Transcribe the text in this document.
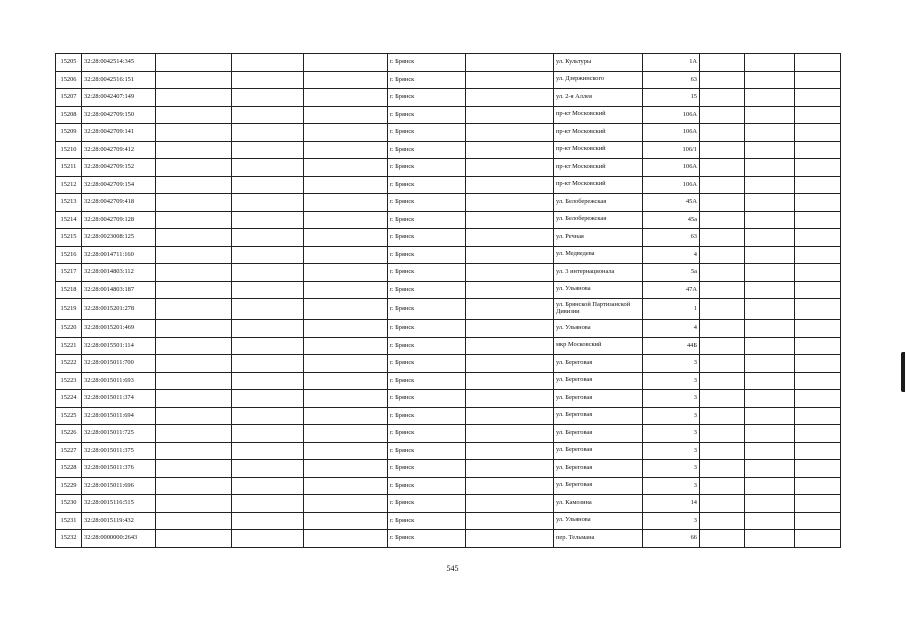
15205	32:28:0042514:345				г. Брянск		ул. Культуры	1А			
15206	32:28:0042516:151				г. Брянск		ул. Дзержинского	63			
15207	32:28:0042407:149				г. Брянск		ул. 2-я Аллея	15			
15208	32:28:0042709:150				г. Брянск		пр-кт Московский	106А			
15209	32:28:0042709:141				г. Брянск		пр-кт Московский	106А			
15210	32:28:0042709:412				г. Брянск		пр-кт Московский	106/1			
15211	32:28:0042709:152				г. Брянск		пр-кт Московский	106А			
15212	32:28:0042709:154				г. Брянск		пр-кт Московский	106А			
15213	32:28:0042709:418				г. Брянск		ул. Белобережская	45А			
15214	32:28:0042709:128				г. Брянск		ул. Белобережская	45а			
15215	32:28:0023008:125				г. Брянск		ул. Речная	63			
15216	32:28:0014711:160				г. Брянск		ул. Медведева	4			
15217	32:28:0014803:112				г. Брянск		ул. 3 интернационала	5а			
15218	32:28:0014803:187				г. Брянск		ул. Ульянова	47А			
15219	32:28:0015201:278				г. Брянск		ул. Брянской Партизанской Дивизии	1			
15220	32:28:0015201:469				г. Брянск		ул. Ульянова	4			
15221	32:28:0015501:114				г. Брянск		мкр Московский	44Б			
15222	32:28:0015011:700				г. Брянск		ул. Береговая	3			
15223	32:28:0015011:693				г. Брянск		ул. Береговая	3			
15224	32:28:0015011:374				г. Брянск		ул. Береговая	3			
15225	32:28:0015011:694				г. Брянск		ул. Береговая	3			
15226	32:28:0015011:725				г. Брянск		ул. Береговая	3			
15227	32:28:0015011:375				г. Брянск		ул. Береговая	3			
15228	32:28:0015011:376				г. Брянск		ул. Береговая	3			
15229	32:28:0015011:696				г. Брянск		ул. Береговая	3			
15230	32:28:0015116:515				г. Брянск		ул. Камозина	14			
15231	32:28:0015119:432				г. Брянск		ул. Ульянова	3			
15232	32:28:0000000:2643				г. Брянск		пер. Тельмана	66			
545
